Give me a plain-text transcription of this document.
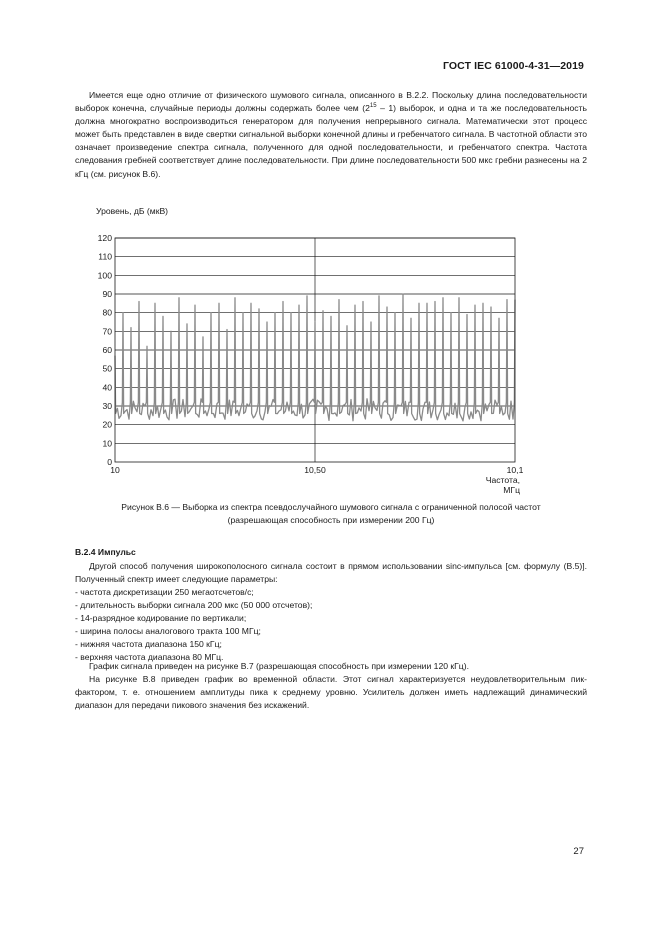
ГОСТ IEC 61000-4-31—2019

Имеется еще одно отличие от физического шумового сигнала, описанного в В.2.2. Поскольку длина последовательности выборок конечна, случайные периоды должны содержать более чем $(2^{15} - 1)$ выборок, и одна и та же последовательность должна многократно воспроизводиться генератором для получения непрерывного сигнала. Математически этот процесс может быть представлен в виде свертки сигнальной выборки конечной длины и гребенчатого сигнала. В частотной области это означает произведение спектра сигнала, полученного для одной последовательности, и гребенчатого спектра. Частота следования гребней соответствует длине последовательности. При длине последовательности 500 мкс гребни разнесены на 2 кГц (см. рисунок В.6).

0
10
20
30
40
50
60
70
80
90
100
110
120
10	10,50	10,1
Уровень, дБ (мкВ)
Частота, МГц
Рисунок В.6 — Выборка из спектра псевдослучайного шумового сигнала с ограниченной полосой частот
(разрешающая способность при измерении 200 Гц)
В.2.4 Импульс

Другой способ получения широкополосного сигнала состоит в прямом использовании sinc-импульса [см. формулу (В.5)]. Полученный спектр имеет следующие параметры:

- частота дискретизации 250 мегаотсчетов/с;
- длительность выборки сигнала 200 мкс (50 000 отсчетов);
- 14-разрядное кодирование по вертикали;
- ширина полосы аналогового тракта 100 МГц;
- нижняя частота диапазона 150 кГц;
- верхняя частота диапазона 80 МГц.

График сигнала приведен на рисунке В.7 (разрешающая способность при измерении 120 кГц).

На рисунке В.8 приведен график во временной области. Этот сигнал характеризуется неудовлетворительным пик-фактором, т. е. отношением амплитуды пика к среднему уровню. Усилитель должен иметь надлежащий динамический диапазон для передачи пикового значения без искажений.

27
